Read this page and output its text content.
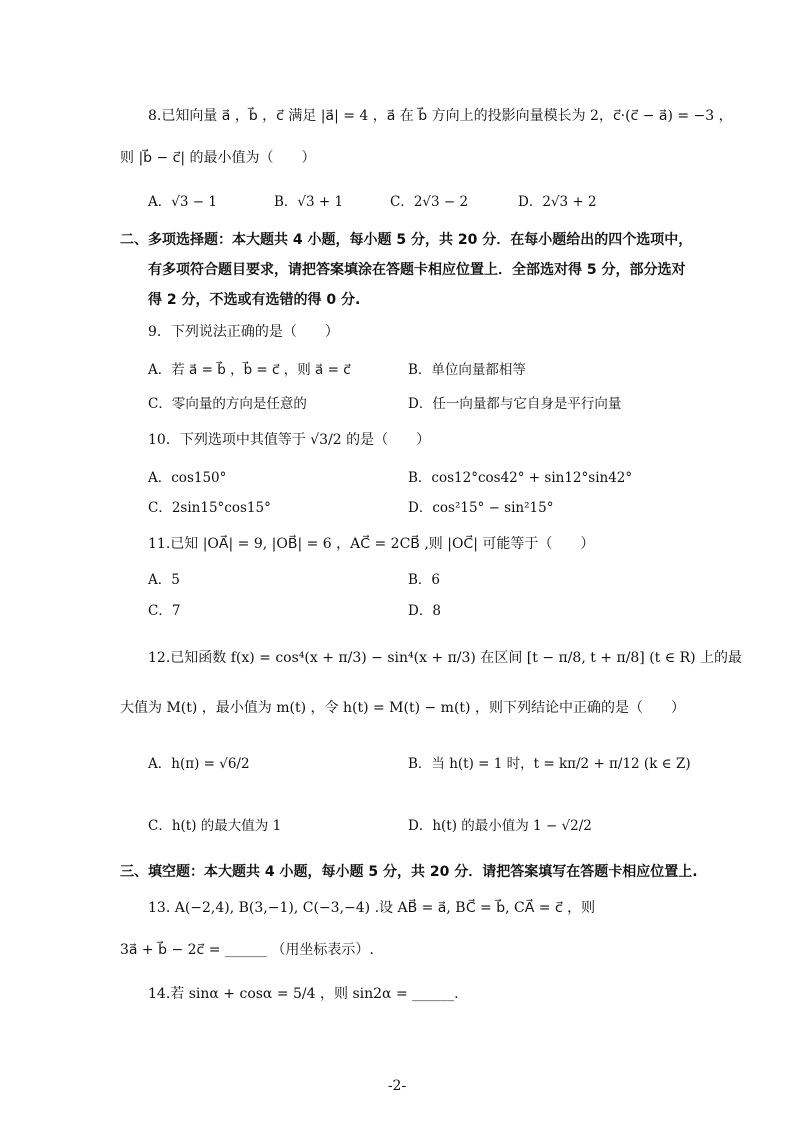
8.已知向量 a⃗ ，b⃗ ，c⃗ 满足 |a⃗| = 4 ，a⃗ 在 b⃗ 方向上的投影向量模长为 2，c⃗·(c⃗ − a⃗) = −3 ，
则 |b⃗ − c⃗| 的最小值为（　　）
A．√3 − 1	B．√3 + 1	C．2√3 − 2	D．2√3 + 2
二、多项选择题：本大题共 4 小题，每小题 5 分，共 20 分．在每小题给出的四个选项中，
有多项符合题目要求，请把答案填涂在答题卡相应位置上．全部选对得 5 分，部分选对
得 2 分，不选或有选错的得 0 分.
9．下列说法正确的是（　　）
A．若 a⃗ = b⃗ ，b⃗ = c⃗ ，则 a⃗ = c⃗	B．单位向量都相等
C．零向量的方向是任意的	D．任一向量都与它自身是平行向量
10．下列选项中其值等于 √3/2 的是（　　）
A．cos150°	B．cos12°cos42° + sin12°sin42°
C．2sin15°cos15°	D．cos²15° − sin²15°
11.已知 |OA⃗| = 9, |OB⃗| = 6 ，AC⃗ = 2CB⃗ ,则 |OC⃗| 可能等于（　　）
A．5	B．6
C．7	D．8
12.已知函数 f(x) = cos⁴(x + π/3) − sin⁴(x + π/3) 在区间 [t − π/8, t + π/8] (t ∈ R) 上的最
大值为 M(t) ，最小值为 m(t) ，令 h(t) = M(t) − m(t) ，则下列结论中正确的是（　　）
A．h(π) = √6/2	B．当 h(t) = 1 时，t = kπ/2 + π/12 (k ∈ Z)
C．h(t) 的最大值为 1	D．h(t) 的最小值为 1 − √2/2
三、填空题：本大题共 4 小题，每小题 5 分，共 20 分．请把答案填写在答题卡相应位置上.
13. A(−2,4), B(3,−1), C(−3,−4) .设 AB⃗ = a⃗, BC⃗ = b⃗, CA⃗ = c⃗ ，则
3a⃗ + b⃗ − 2c⃗ = ______ （用坐标表示）.
14.若 sinα + cosα = 5/4 ，则 sin2α = ______.
-2-
